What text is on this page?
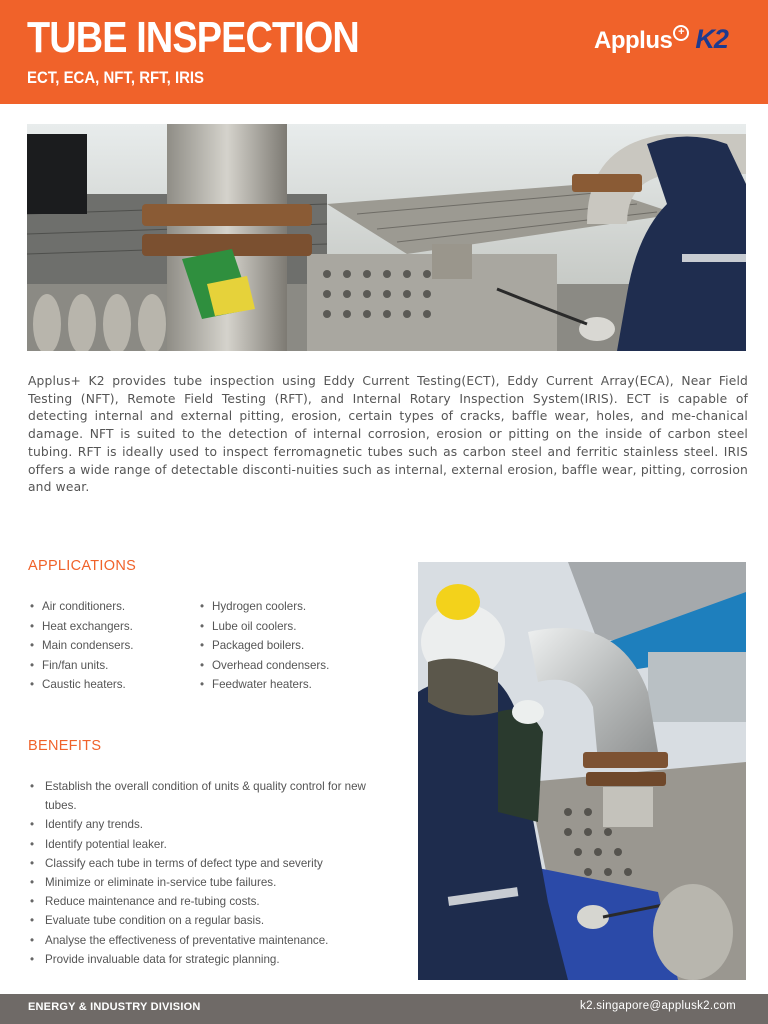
TUBE INSPECTION
ECT, ECA, NFT, RFT, IRIS
Applus + K2
Applus+ K2 provides tube inspection using Eddy Current Testing(ECT), Eddy Current Array(ECA), Near Field Testing (NFT), Remote Field Testing (RFT), and Internal Rotary Inspection System(IRIS). ECT is capable of detecting internal and external pitting, erosion, certain types of cracks, baffle wear, holes, and me-chanical damage. NFT is suited to the detection of internal corrosion, erosion or pitting on the inside of carbon steel tubing. RFT is ideally used to inspect ferromagnetic tubes such as carbon steel and ferritic stainless steel. IRIS offers a wide range of detectable disconti-nuities such as internal, external erosion, baffle wear, pitting, corrosion and wear.
APPLICATIONS
• Air conditioners.
• Heat exchangers.
• Main condensers.
• Fin/fan units.
• Caustic heaters.
• Hydrogen coolers.
• Lube oil coolers.
• Packaged boilers.
• Overhead condensers.
• Feedwater heaters.
BENEFITS
• Establish the overall condition of units & quality control for new tubes.
• Identify any trends.
• Identify potential leaker.
• Classify each tube in terms of defect type and severity
• Minimize or eliminate in-service tube failures.
• Reduce maintenance and re-tubing costs.
• Evaluate tube condition on a regular basis.
• Analyse the effectiveness of preventative maintenance.
• Provide invaluable data for strategic planning.
ENERGY & INDUSTRY DIVISION	k2.singapore@applusk2.com
